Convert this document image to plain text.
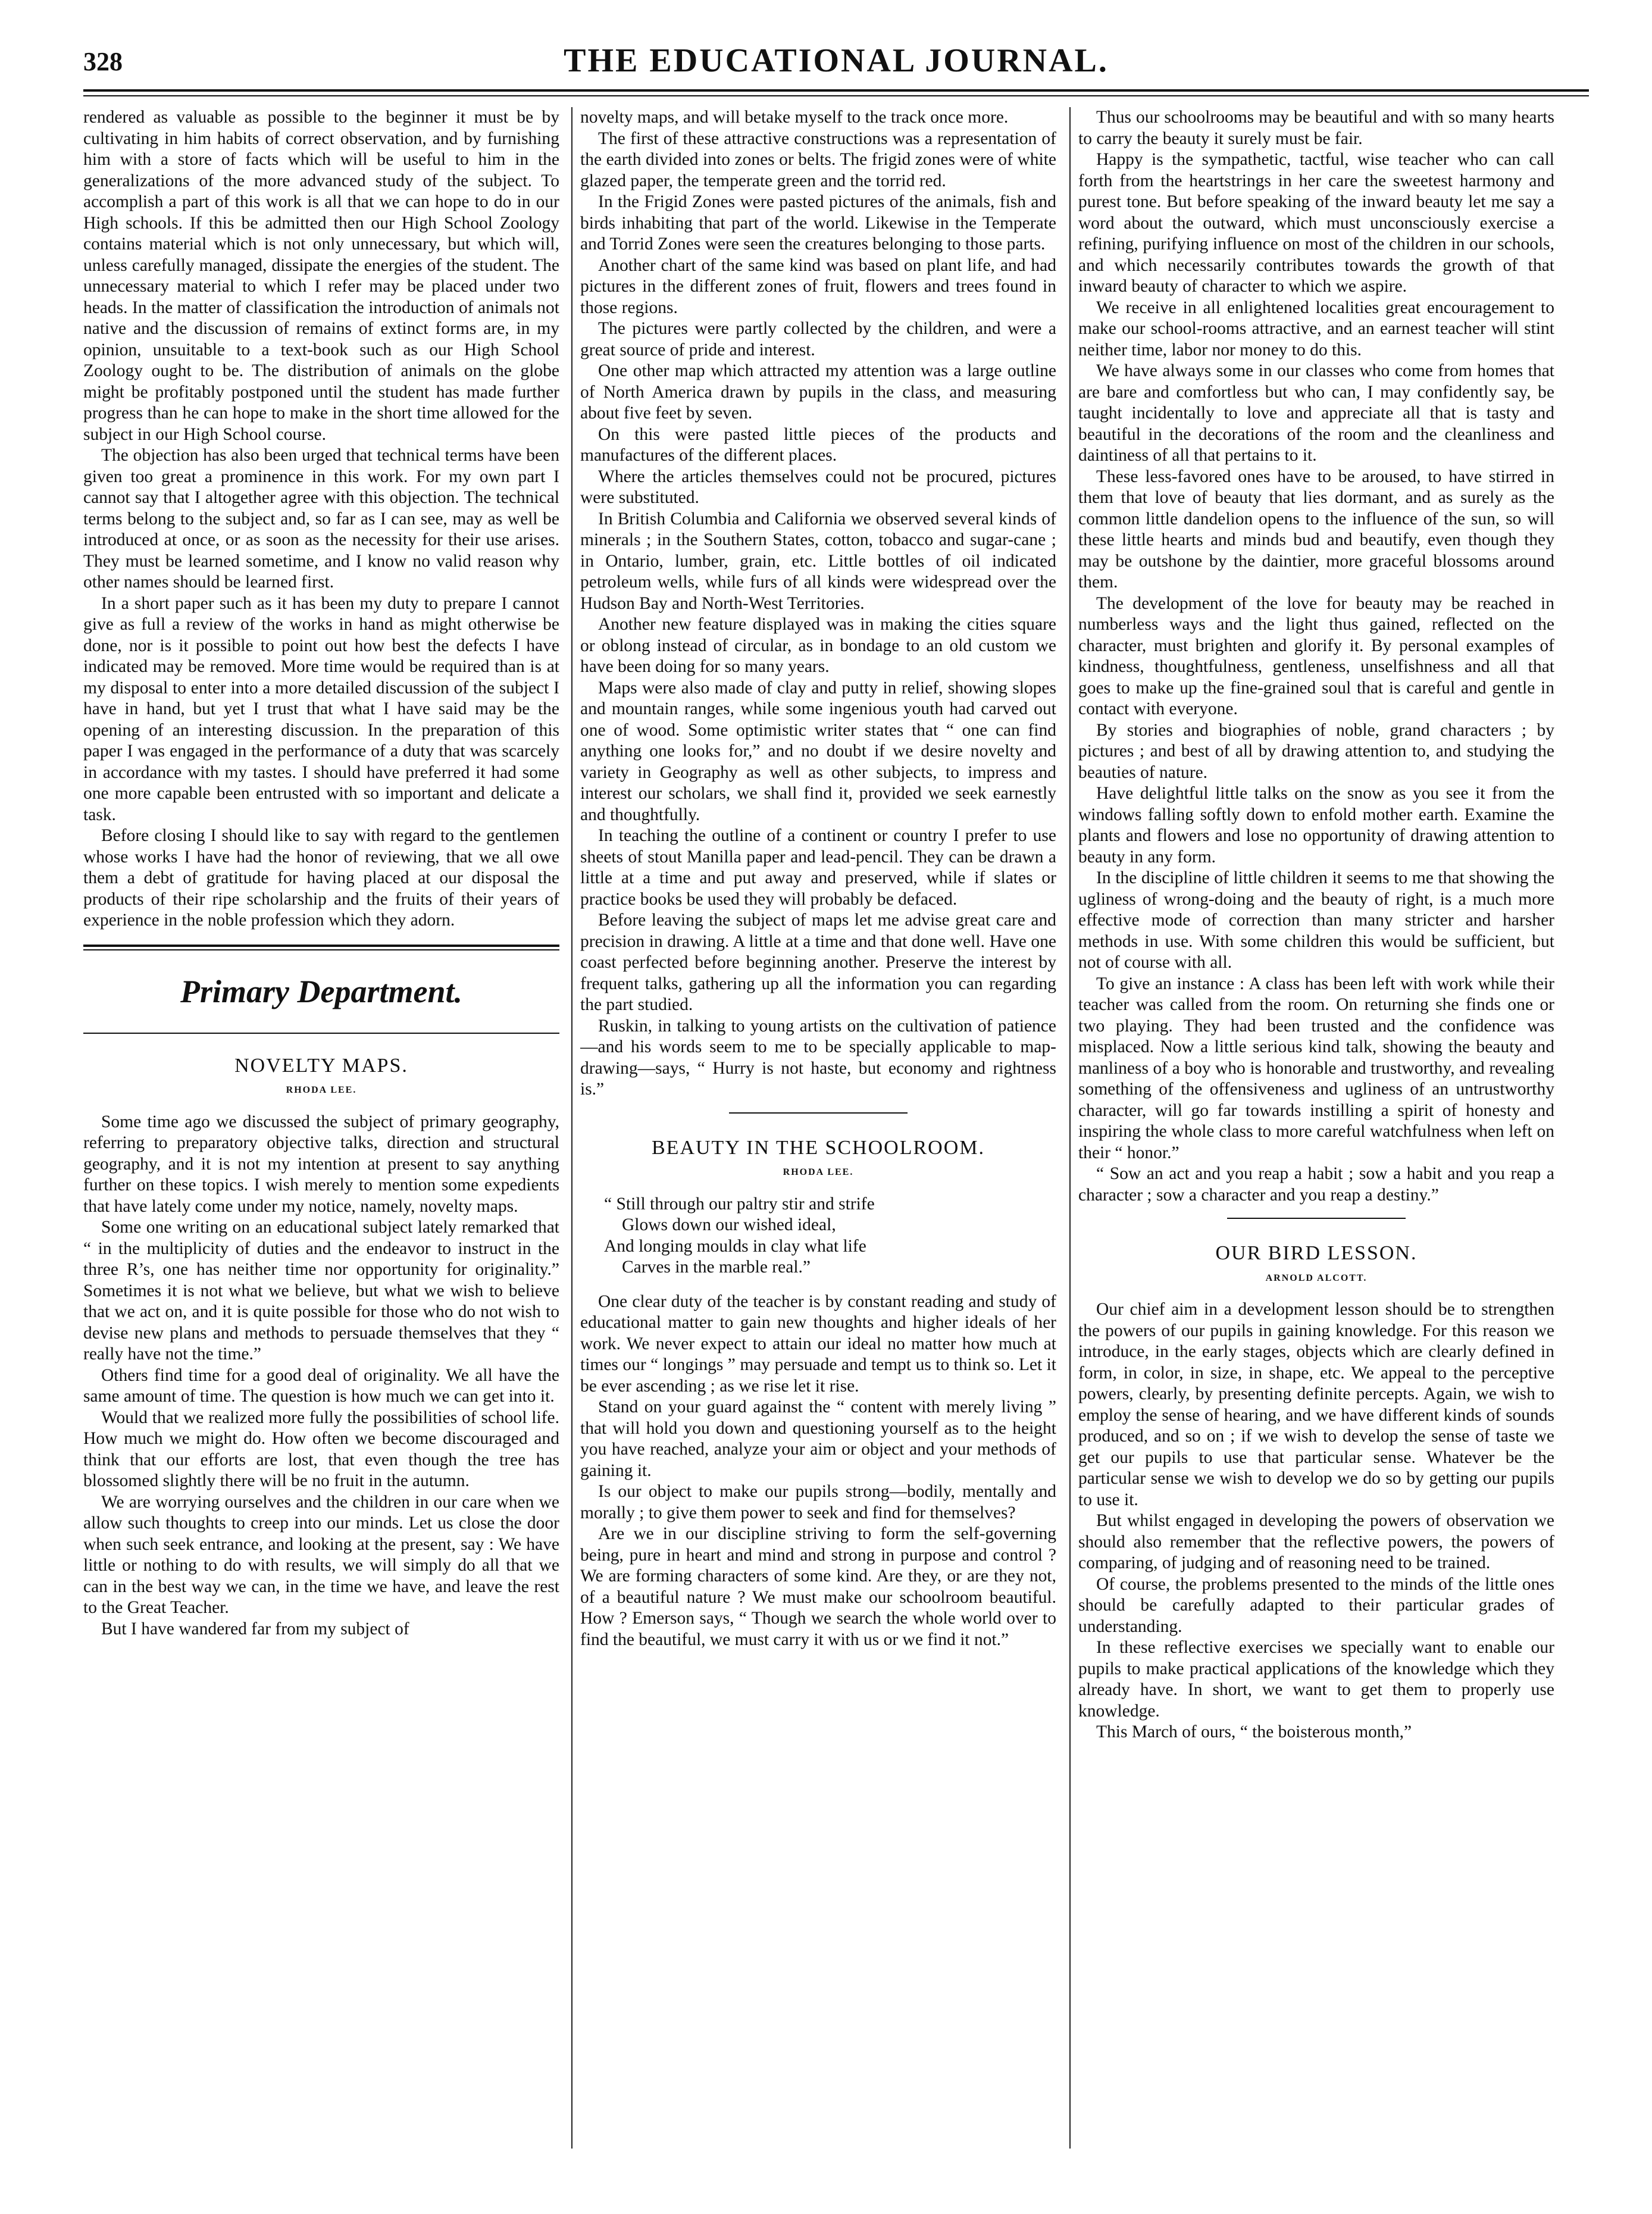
328	THE EDUCATIONAL JOURNAL.

rendered as valuable as possible to the beginner it must be by cultivating in him habits of correct observation, and by furnishing him with a store of facts which will be useful to him in the generalizations of the more advanced study of the subject. To accomplish a part of this work is all that we can hope to do in our High schools. If this be admitted then our High School Zoology contains material which is not only unnecessary, but which will, unless carefully managed, dissipate the energies of the student. The unnecessary material to which I refer may be placed under two heads. In the matter of classification the introduction of animals not native and the discussion of remains of extinct forms are, in my opinion, unsuitable to a text-book such as our High School Zoology ought to be. The distribution of animals on the globe might be profitably postponed until the student has made further progress than he can hope to make in the short time allowed for the subject in our High School course.

The objection has also been urged that technical terms have been given too great a prominence in this work. For my own part I cannot say that I altogether agree with this objection. The technical terms belong to the subject and, so far as I can see, may as well be introduced at once, or as soon as the necessity for their use arises. They must be learned sometime, and I know no valid reason why other names should be learned first.

In a short paper such as it has been my duty to prepare I cannot give as full a review of the works in hand as might otherwise be done, nor is it possible to point out how best the defects I have indicated may be removed. More time would be required than is at my disposal to enter into a more detailed discussion of the subject I have in hand, but yet I trust that what I have said may be the opening of an interesting discussion. In the preparation of this paper I was engaged in the performance of a duty that was scarcely in accordance with my tastes. I should have preferred it had some one more capable been entrusted with so important and delicate a task.

Before closing I should like to say with regard to the gentlemen whose works I have had the honor of reviewing, that we all owe them a debt of gratitude for having placed at our disposal the products of their ripe scholarship and the fruits of their years of experience in the noble profession which they adorn.

Primary Department.
NOVELTY MAPS.
RHODA LEE.

Some time ago we discussed the subject of primary geography, referring to preparatory objective talks, direction and structural geography, and it is not my intention at present to say anything further on these topics. I wish merely to mention some expedients that have lately come under my notice, namely, novelty maps.

Some one writing on an educational subject lately remarked that “ in the multiplicity of duties and the endeavor to instruct in the three R’s, one has neither time nor opportunity for originality.” Sometimes it is not what we believe, but what we wish to believe that we act on, and it is quite possible for those who do not wish to devise new plans and methods to persuade themselves that they “ really have not the time.”

Others find time for a good deal of originality. We all have the same amount of time. The question is how much we can get into it.

Would that we realized more fully the possibilities of school life. How much we might do. How often we become discouraged and think that our efforts are lost, that even though the tree has blossomed slightly there will be no fruit in the autumn.

We are worrying ourselves and the children in our care when we allow such thoughts to creep into our minds. Let us close the door when such seek entrance, and looking at the present, say : We have little or nothing to do with results, we will simply do all that we can in the best way we can, in the time we have, and leave the rest to the Great Teacher.

But I have wandered far from my subject of

novelty maps, and will betake myself to the track once more.

The first of these attractive constructions was a representation of the earth divided into zones or belts. The frigid zones were of white glazed paper, the temperate green and the torrid red.

In the Frigid Zones were pasted pictures of the animals, fish and birds inhabiting that part of the world. Likewise in the Temperate and Torrid Zones were seen the creatures belonging to those parts.

Another chart of the same kind was based on plant life, and had pictures in the different zones of fruit, flowers and trees found in those regions.

The pictures were partly collected by the children, and were a great source of pride and interest.

One other map which attracted my attention was a large outline of North America drawn by pupils in the class, and measuring about five feet by seven.

On this were pasted little pieces of the products and manufactures of the different places.

Where the articles themselves could not be procured, pictures were substituted.

In British Columbia and California we observed several kinds of minerals ; in the Southern States, cotton, tobacco and sugar-cane ; in Ontario, lumber, grain, etc. Little bottles of oil indicated petroleum wells, while furs of all kinds were widespread over the Hudson Bay and North-West Territories.

Another new feature displayed was in making the cities square or oblong instead of circular, as in bondage to an old custom we have been doing for so many years.

Maps were also made of clay and putty in relief, showing slopes and mountain ranges, while some ingenious youth had carved out one of wood. Some optimistic writer states that “ one can find anything one looks for,” and no doubt if we desire novelty and variety in Geography as well as other subjects, to impress and interest our scholars, we shall find it, provided we seek earnestly and thoughtfully.

In teaching the outline of a continent or country I prefer to use sheets of stout Manilla paper and lead-pencil. They can be drawn a little at a time and put away and preserved, while if slates or practice books be used they will probably be defaced.

Before leaving the subject of maps let me advise great care and precision in drawing. A little at a time and that done well. Have one coast perfected before beginning another. Preserve the interest by frequent talks, gathering up all the information you can regarding the part studied.

Ruskin, in talking to young artists on the cultivation of patience—and his words seem to me to be specially applicable to map-drawing—says, “ Hurry is not haste, but economy and rightness is.”

BEAUTY IN THE SCHOOLROOM.
RHODA LEE.
“ Still through our paltry stir and strife
Glows down our wished ideal,
And longing moulds in clay what life
Carves in the marble real.”

One clear duty of the teacher is by constant reading and study of educational matter to gain new thoughts and higher ideals of her work. We never expect to attain our ideal no matter how much at times our “ longings ” may persuade and tempt us to think so. Let it be ever ascending ; as we rise let it rise.

Stand on your guard against the “ content with merely living ” that will hold you down and questioning yourself as to the height you have reached, analyze your aim or object and your methods of gaining it.

Is our object to make our pupils strong—bodily, mentally and morally ; to give them power to seek and find for themselves?

Are we in our discipline striving to form the self-governing being, pure in heart and mind and strong in purpose and control ? We are forming characters of some kind. Are they, or are they not, of a beautiful nature ? We must make our schoolroom beautiful. How ? Emerson says, “ Though we search the whole world over to find the beautiful, we must carry it with us or we find it not.”

Thus our schoolrooms may be beautiful and with so many hearts to carry the beauty it surely must be fair.

Happy is the sympathetic, tactful, wise teacher who can call forth from the heartstrings in her care the sweetest harmony and purest tone. But before speaking of the inward beauty let me say a word about the outward, which must unconsciously exercise a refining, purifying influence on most of the children in our schools, and which necessarily contributes towards the growth of that inward beauty of character to which we aspire.

We receive in all enlightened localities great encouragement to make our school-rooms attractive, and an earnest teacher will stint neither time, labor nor money to do this.

We have always some in our classes who come from homes that are bare and comfortless but who can, I may confidently say, be taught incidentally to love and appreciate all that is tasty and beautiful in the decorations of the room and the cleanliness and daintiness of all that pertains to it.

These less-favored ones have to be aroused, to have stirred in them that love of beauty that lies dormant, and as surely as the common little dandelion opens to the influence of the sun, so will these little hearts and minds bud and beautify, even though they may be outshone by the daintier, more graceful blossoms around them.

The development of the love for beauty may be reached in numberless ways and the light thus gained, reflected on the character, must brighten and glorify it. By personal examples of kindness, thoughtfulness, gentleness, unselfishness and all that goes to make up the fine-grained soul that is careful and gentle in contact with everyone.

By stories and biographies of noble, grand characters ; by pictures ; and best of all by drawing attention to, and studying the beauties of nature.

Have delightful little talks on the snow as you see it from the windows falling softly down to enfold mother earth. Examine the plants and flowers and lose no opportunity of drawing attention to beauty in any form.

In the discipline of little children it seems to me that showing the ugliness of wrong-doing and the beauty of right, is a much more effective mode of correction than many stricter and harsher methods in use. With some children this would be sufficient, but not of course with all.

To give an instance : A class has been left with work while their teacher was called from the room. On returning she finds one or two playing. They had been trusted and the confidence was misplaced. Now a little serious kind talk, showing the beauty and manliness of a boy who is honorable and trustworthy, and revealing something of the offensiveness and ugliness of an untrustworthy character, will go far towards instilling a spirit of honesty and inspiring the whole class to more careful watchfulness when left on their “ honor.”

“ Sow an act and you reap a habit ; sow a habit and you reap a character ; sow a character and you reap a destiny.”

OUR BIRD LESSON.
ARNOLD ALCOTT.

Our chief aim in a development lesson should be to strengthen the powers of our pupils in gaining knowledge. For this reason we introduce, in the early stages, objects which are clearly defined in form, in color, in size, in shape, etc. We appeal to the perceptive powers, clearly, by presenting definite percepts. Again, we wish to employ the sense of hearing, and we have different kinds of sounds produced, and so on ; if we wish to develop the sense of taste we get our pupils to use that particular sense. Whatever be the particular sense we wish to develop we do so by getting our pupils to use it.

But whilst engaged in developing the powers of observation we should also remember that the reflective powers, the powers of comparing, of judging and of reasoning need to be trained.

Of course, the problems presented to the minds of the little ones should be carefully adapted to their particular grades of understanding.

In these reflective exercises we specially want to enable our pupils to make practical applications of the knowledge which they already have. In short, we want to get them to properly use knowledge.

This March of ours, “ the boisterous month,”
